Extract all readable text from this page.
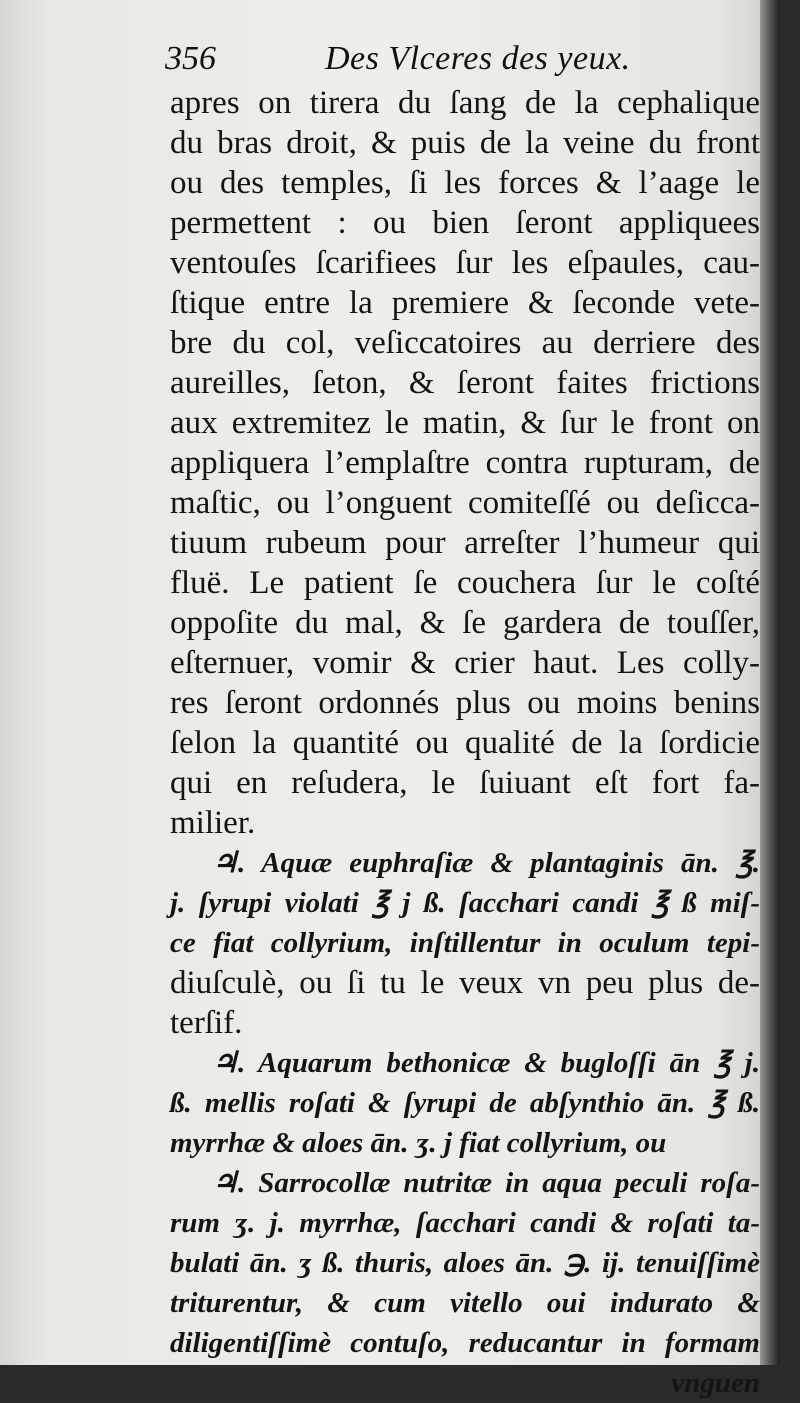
356	Des Vlceres des yeux.
apres on tirera du ſang de la cephalique
du bras droit, & puis de la veine du front
ou des temples, ſi les forces & l’aage le
permettent : ou bien ſeront appliquees
ventouſes ſcarifiees ſur les eſpaules, cau-
ſtique entre la premiere & ſeconde vete-
bre du col, veſiccatoires au derriere des
aureilles, ſeton, & ſeront faites frictions
aux extremitez le matin, & ſur le front on
appliquera l’emplaſtre contra rupturam, de
maſtic, ou l’onguent comiteſſé ou deſicca-
tiuum rubeum pour arreſter l’humeur qui
fluë. Le patient ſe couchera ſur le coſté
oppoſite du mal, & ſe gardera de touſſer,
eſternuer, vomir & crier haut. Les colly-
res ſeront ordonnés plus ou moins benins
ſelon la quantité ou qualité de la ſordicie
qui en reſudera, le ſuiuant eſt fort fa-
milier.
♃. Aquæ euphraſiæ & plantaginis ān. ℥.
j. ſyrupi violati ℥ j ß. ſacchari candi ℥ ß miſ-
ce fiat collyrium, inſtillentur in oculum tepi-
diuſculè, ou ſi tu le veux vn peu plus de-
terſif.
♃. Aquarum bethonicæ & bugloſſi ān ℥ j.
ß. mellis roſati & ſyrupi de abſynthio ān. ℥ ß.
myrrhæ & aloes ān. ʒ. j fiat collyrium, ou
♃. Sarrocollæ nutritæ in aqua peculi roſa-
rum ʒ. j. myrrhæ, ſacchari candi & roſati ta-
bulati ān. ʒ ß. thuris, aloes ān. ℈. ij. tenuiſſimè
triturentur, & cum vitello oui indurato &
diligentiſſimè contuſo, reducantur in formam
vnguen
